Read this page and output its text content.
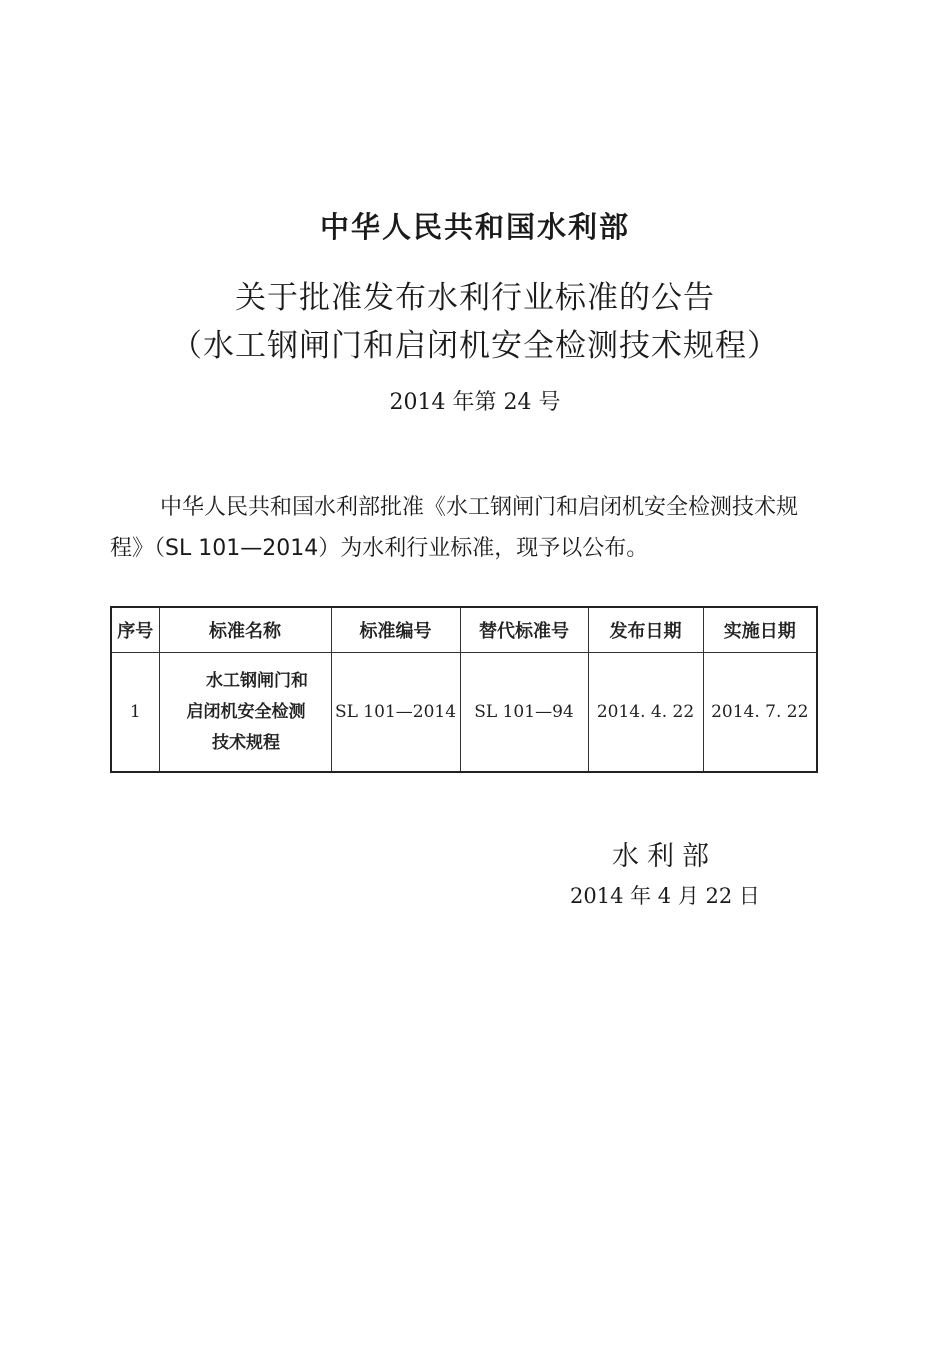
中华人民共和国水利部
关于批准发布水利行业标准的公告
（水工钢闸门和启闭机安全检测技术规程）
2014 年第 24 号

中华人民共和国水利部批准《水工钢闸门和启闭机安全检测技术规程》（SL 101—2014）为水利行业标准，现予以公布。

序号	标准名称	标准编号	替代标准号	发布日期	实施日期
1	水工钢闸门和
启闭机安全检测
技术规程	SL 101—2014	SL 101—94	2014. 4. 22	2014. 7. 22
水利部
2014 年 4 月 22 日
